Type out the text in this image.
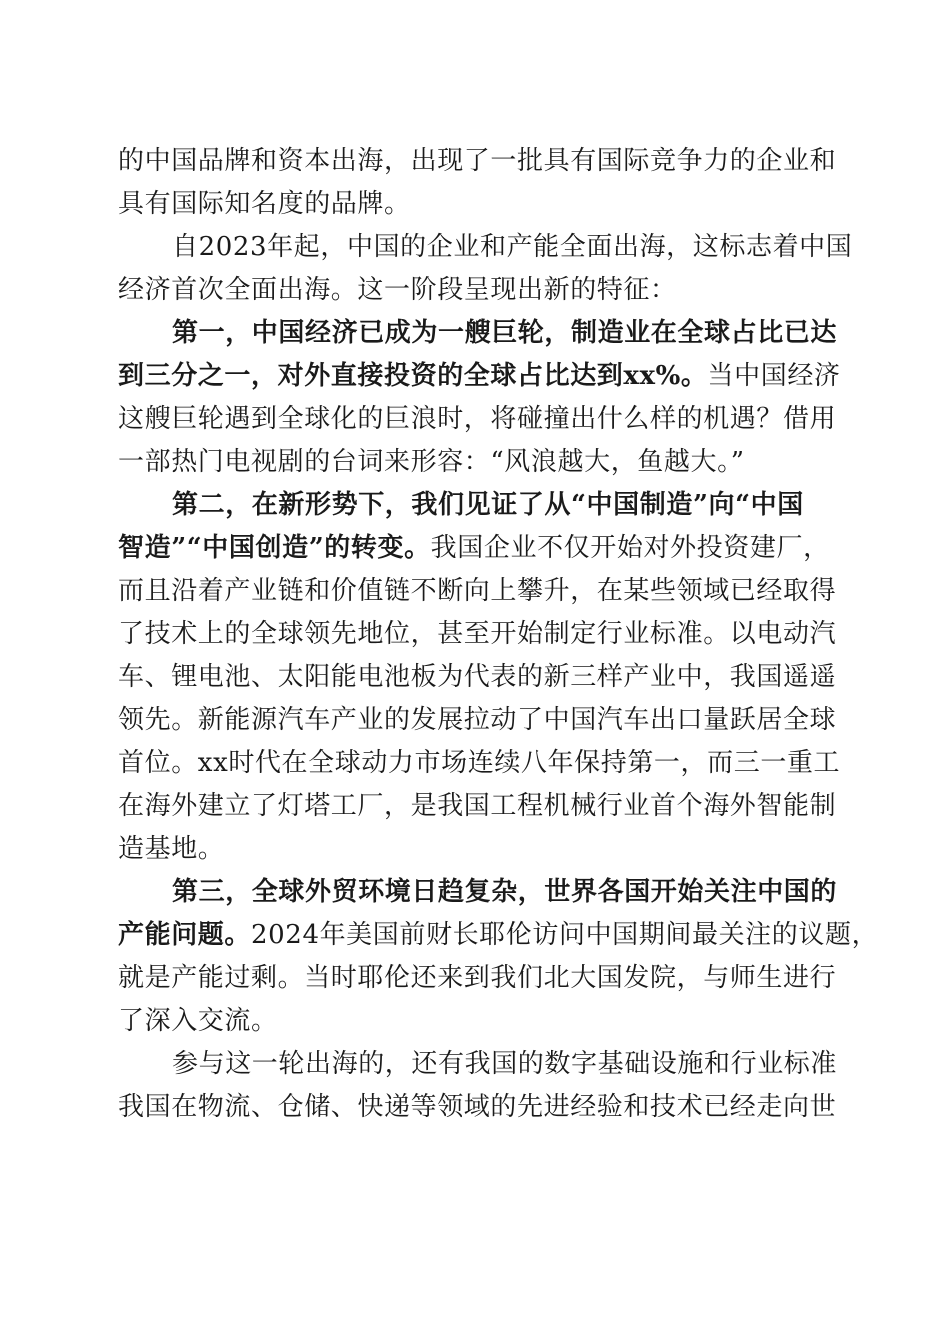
的中国品牌和资本出海，出现了一批具有国际竞争力的企业和
具有国际知名度的品牌。
自2023年起，中国的企业和产能全面出海，这标志着中国
经济首次全面出海。这一阶段呈现出新的特征：
第一，中国经济已成为一艘巨轮，制造业在全球占比已达
到三分之一，对外直接投资的全球占比达到xx%。当中国经济
这艘巨轮遇到全球化的巨浪时，将碰撞出什么样的机遇？借用
一部热门电视剧的台词来形容：“风浪越大，鱼越大。”
第二，在新形势下，我们见证了从“中国制造”向“中国
智造”“中国创造”的转变。我国企业不仅开始对外投资建厂，
而且沿着产业链和价值链不断向上攀升，在某些领域已经取得
了技术上的全球领先地位，甚至开始制定行业标准。以电动汽
车、锂电池、太阳能电池板为代表的新三样产业中，我国遥遥
领先。新能源汽车产业的发展拉动了中国汽车出口量跃居全球
首位。xx时代在全球动力市场连续八年保持第一，而三一重工
在海外建立了灯塔工厂，是我国工程机械行业首个海外智能制
造基地。
第三，全球外贸环境日趋复杂，世界各国开始关注中国的
产能问题。2024年美国前财长耶伦访问中国期间最关注的议题，
就是产能过剩。当时耶伦还来到我们北大国发院，与师生进行
了深入交流。
参与这一轮出海的，还有我国的数字基础设施和行业标准
我国在物流、仓储、快递等领域的先进经验和技术已经走向世
